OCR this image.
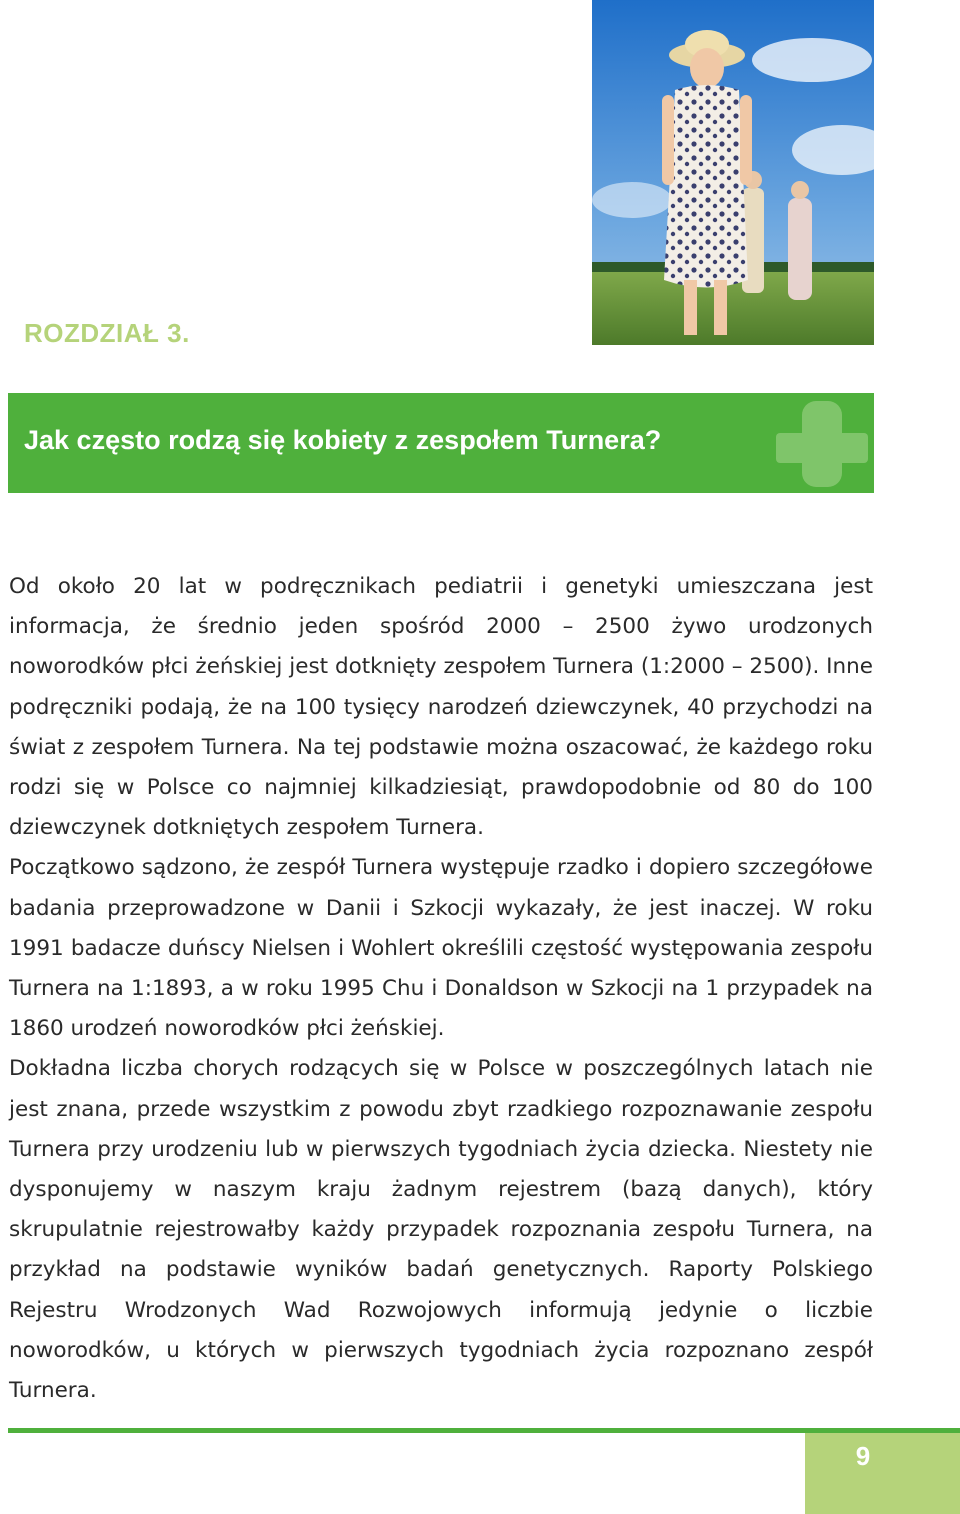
ROZDZIAŁ 3.
Jak często rodzą się kobiety z zespołem Turnera?

Od około 20 lat w podręcznikach pediatrii i genetyki umieszczana jest informacja, że średnio jeden spośród 2000 – 2500 żywo urodzonych noworodków płci żeńskiej jest dotknięty zespołem Turnera (1:2000 – 2500). Inne podręczniki podają, że na 100 tysięcy narodzeń dziewczynek, 40 przychodzi na świat z zespołem Turnera. Na tej podstawie można oszacować, że każdego roku rodzi się w Polsce co najmniej kilkadziesiąt, prawdopodobnie od 80 do 100 dziewczynek dotkniętych zespołem Turnera.

Początkowo sądzono, że zespół Turnera występuje rzadko i dopiero szczegółowe badania przeprowadzone w Danii i Szkocji wykazały, że jest inaczej. W roku 1991 badacze duńscy Nielsen i Wohlert określili częstość występowania zespołu Turnera na 1:1893, a w roku 1995 Chu i Donaldson w Szkocji na 1 przypadek na 1860 urodzeń noworodków płci żeńskiej.

Dokładna liczba chorych rodzących się w Polsce w poszczególnych latach nie jest znana, przede wszystkim z powodu zbyt rzadkiego rozpoznawanie zespołu Turnera przy urodzeniu lub w pierwszych tygodniach życia dziecka. Niestety nie dysponujemy w naszym kraju żadnym rejestrem (bazą danych), który skrupulatnie rejestrowałby każdy przypadek rozpoznania zespołu Turnera, na przykład na podstawie wyników badań genetycznych. Raporty Polskiego Rejestru Wrodzonych Wad Rozwojowych informują jedynie o liczbie noworodków, u których w pierwszych tygodniach życia rozpoznano zespół Turnera.

9
